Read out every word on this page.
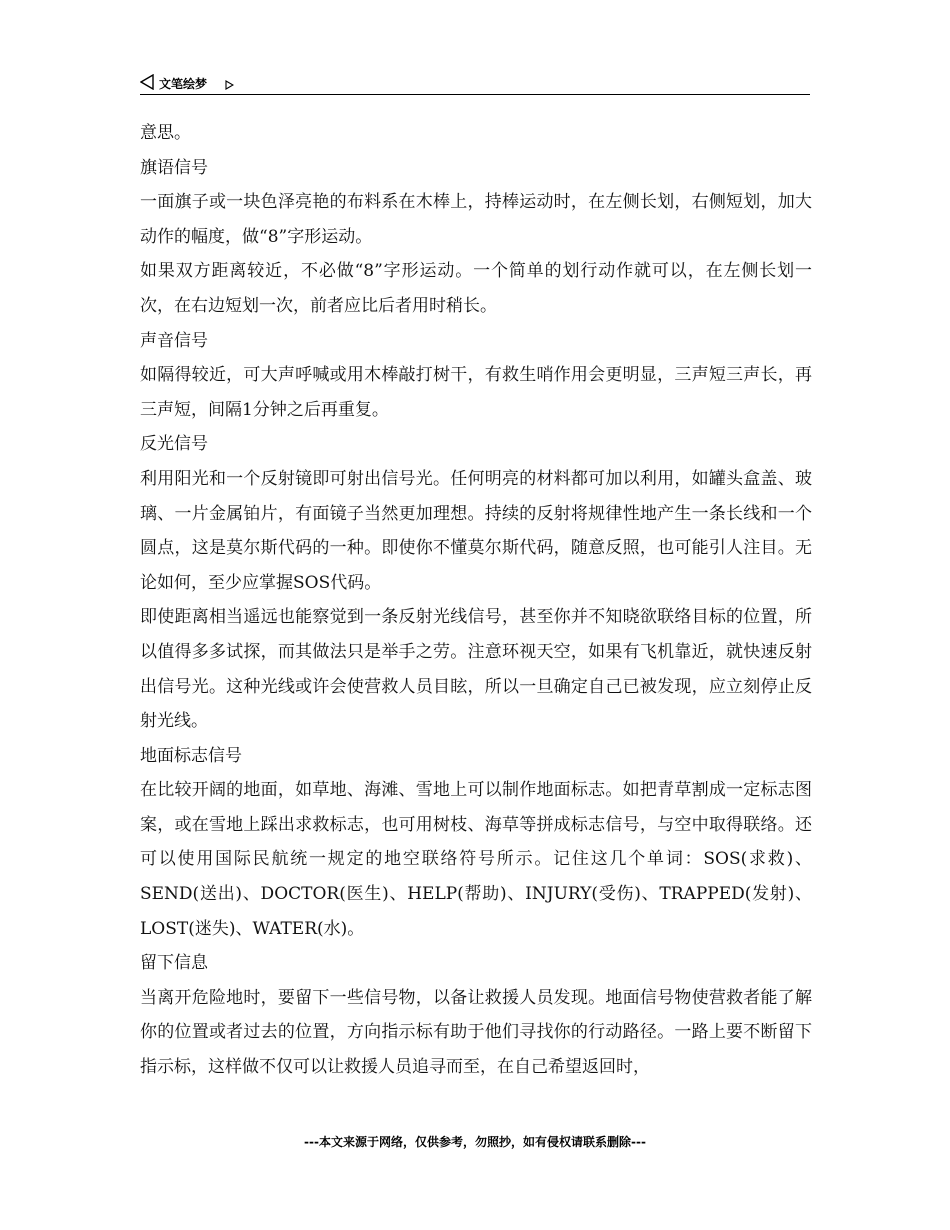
文笔绘梦

意思。

旗语信号

一面旗子或一块色泽亮艳的布料系在木棒上，持棒运动时，在左侧长划，右侧短划，加大动作的幅度，做“8”字形运动。

如果双方距离较近，不必做“8”字形运动。一个简单的划行动作就可以，在左侧长划一次，在右边短划一次，前者应比后者用时稍长。

声音信号

如隔得较近，可大声呼喊或用木棒敲打树干，有救生哨作用会更明显，三声短三声长，再三声短，间隔1分钟之后再重复。

反光信号

利用阳光和一个反射镜即可射出信号光。任何明亮的材料都可加以利用，如罐头盒盖、玻璃、一片金属铂片，有面镜子当然更加理想。持续的反射将规律性地产生一条长线和一个圆点，这是莫尔斯代码的一种。即使你不懂莫尔斯代码，随意反照，也可能引人注目。无论如何，至少应掌握SOS代码。

即使距离相当遥远也能察觉到一条反射光线信号，甚至你并不知晓欲联络目标的位置，所以值得多多试探，而其做法只是举手之劳。注意环视天空，如果有飞机靠近，就快速反射出信号光。这种光线或许会使营救人员目眩，所以一旦确定自己已被发现，应立刻停止反射光线。

地面标志信号

在比较开阔的地面，如草地、海滩、雪地上可以制作地面标志。如把青草割成一定标志图案，或在雪地上踩出求救标志，也可用树枝、海草等拼成标志信号，与空中取得联络。还可以使用国际民航统一规定的地空联络符号所示。记住这几个单词：SOS(求救)、SEND(送出)、DOCTOR(医生)、HELP(帮助)、INJURY(受伤)、TRAPPED(发射)、LOST(迷失)、WATER(水)。

留下信息

当离开危险地时，要留下一些信号物，以备让救援人员发现。地面信号物使营救者能了解你的位置或者过去的位置，方向指示标有助于他们寻找你的行动路径。一路上要不断留下指示标，这样做不仅可以让救援人员追寻而至，在自己希望返回时，

---本文来源于网络，仅供参考，勿照抄，如有侵权请联系删除---
